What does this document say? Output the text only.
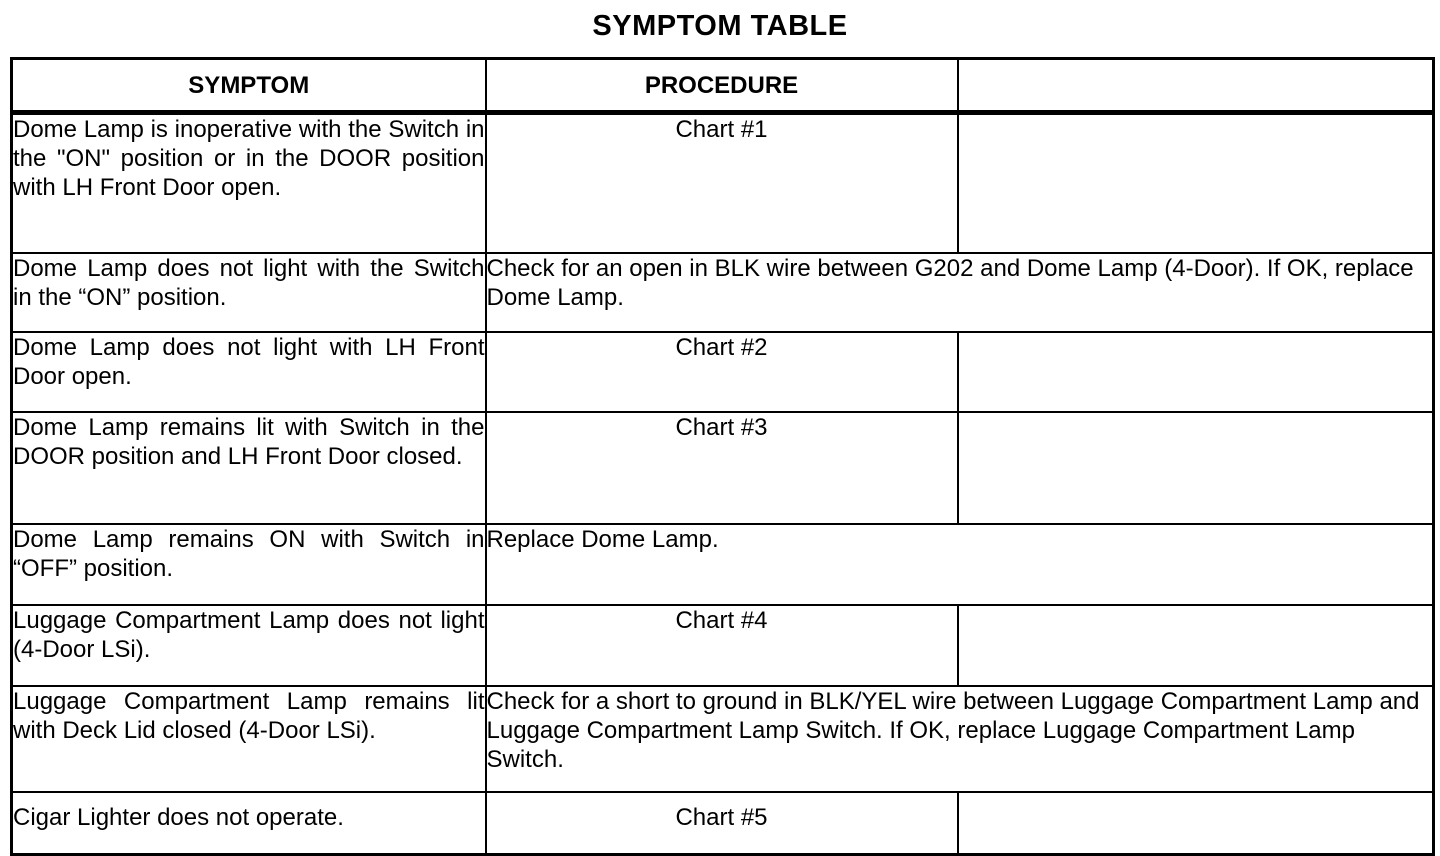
SYMPTOM TABLE
SYMPTOM	PROCEDURE	
Dome Lamp is inoperative with the Switch in the "ON" position or in the DOOR position with LH Front Door open.	Chart #1	
Dome Lamp does not light with the Switch in the “ON” position.	Check for an open in BLK wire between G202 and Dome Lamp (4-Door). If OK, replace Dome Lamp.	
Dome Lamp does not light with LH Front Door open.	Chart #2	
Dome Lamp remains lit with Switch in the DOOR position and LH Front Door closed.	Chart #3	
Dome Lamp remains ON with Switch in “OFF” position.	Replace Dome Lamp.	
Luggage Compartment Lamp does not light (4-Door LSi).	Chart #4	
Luggage Compartment Lamp remains lit with Deck Lid closed (4-Door LSi).	Check for a short to ground in BLK/YEL wire between Luggage Compartment Lamp and Luggage Compartment Lamp Switch. If OK, replace Luggage Compartment Lamp Switch.	
Cigar Lighter does not operate.	Chart #5	
